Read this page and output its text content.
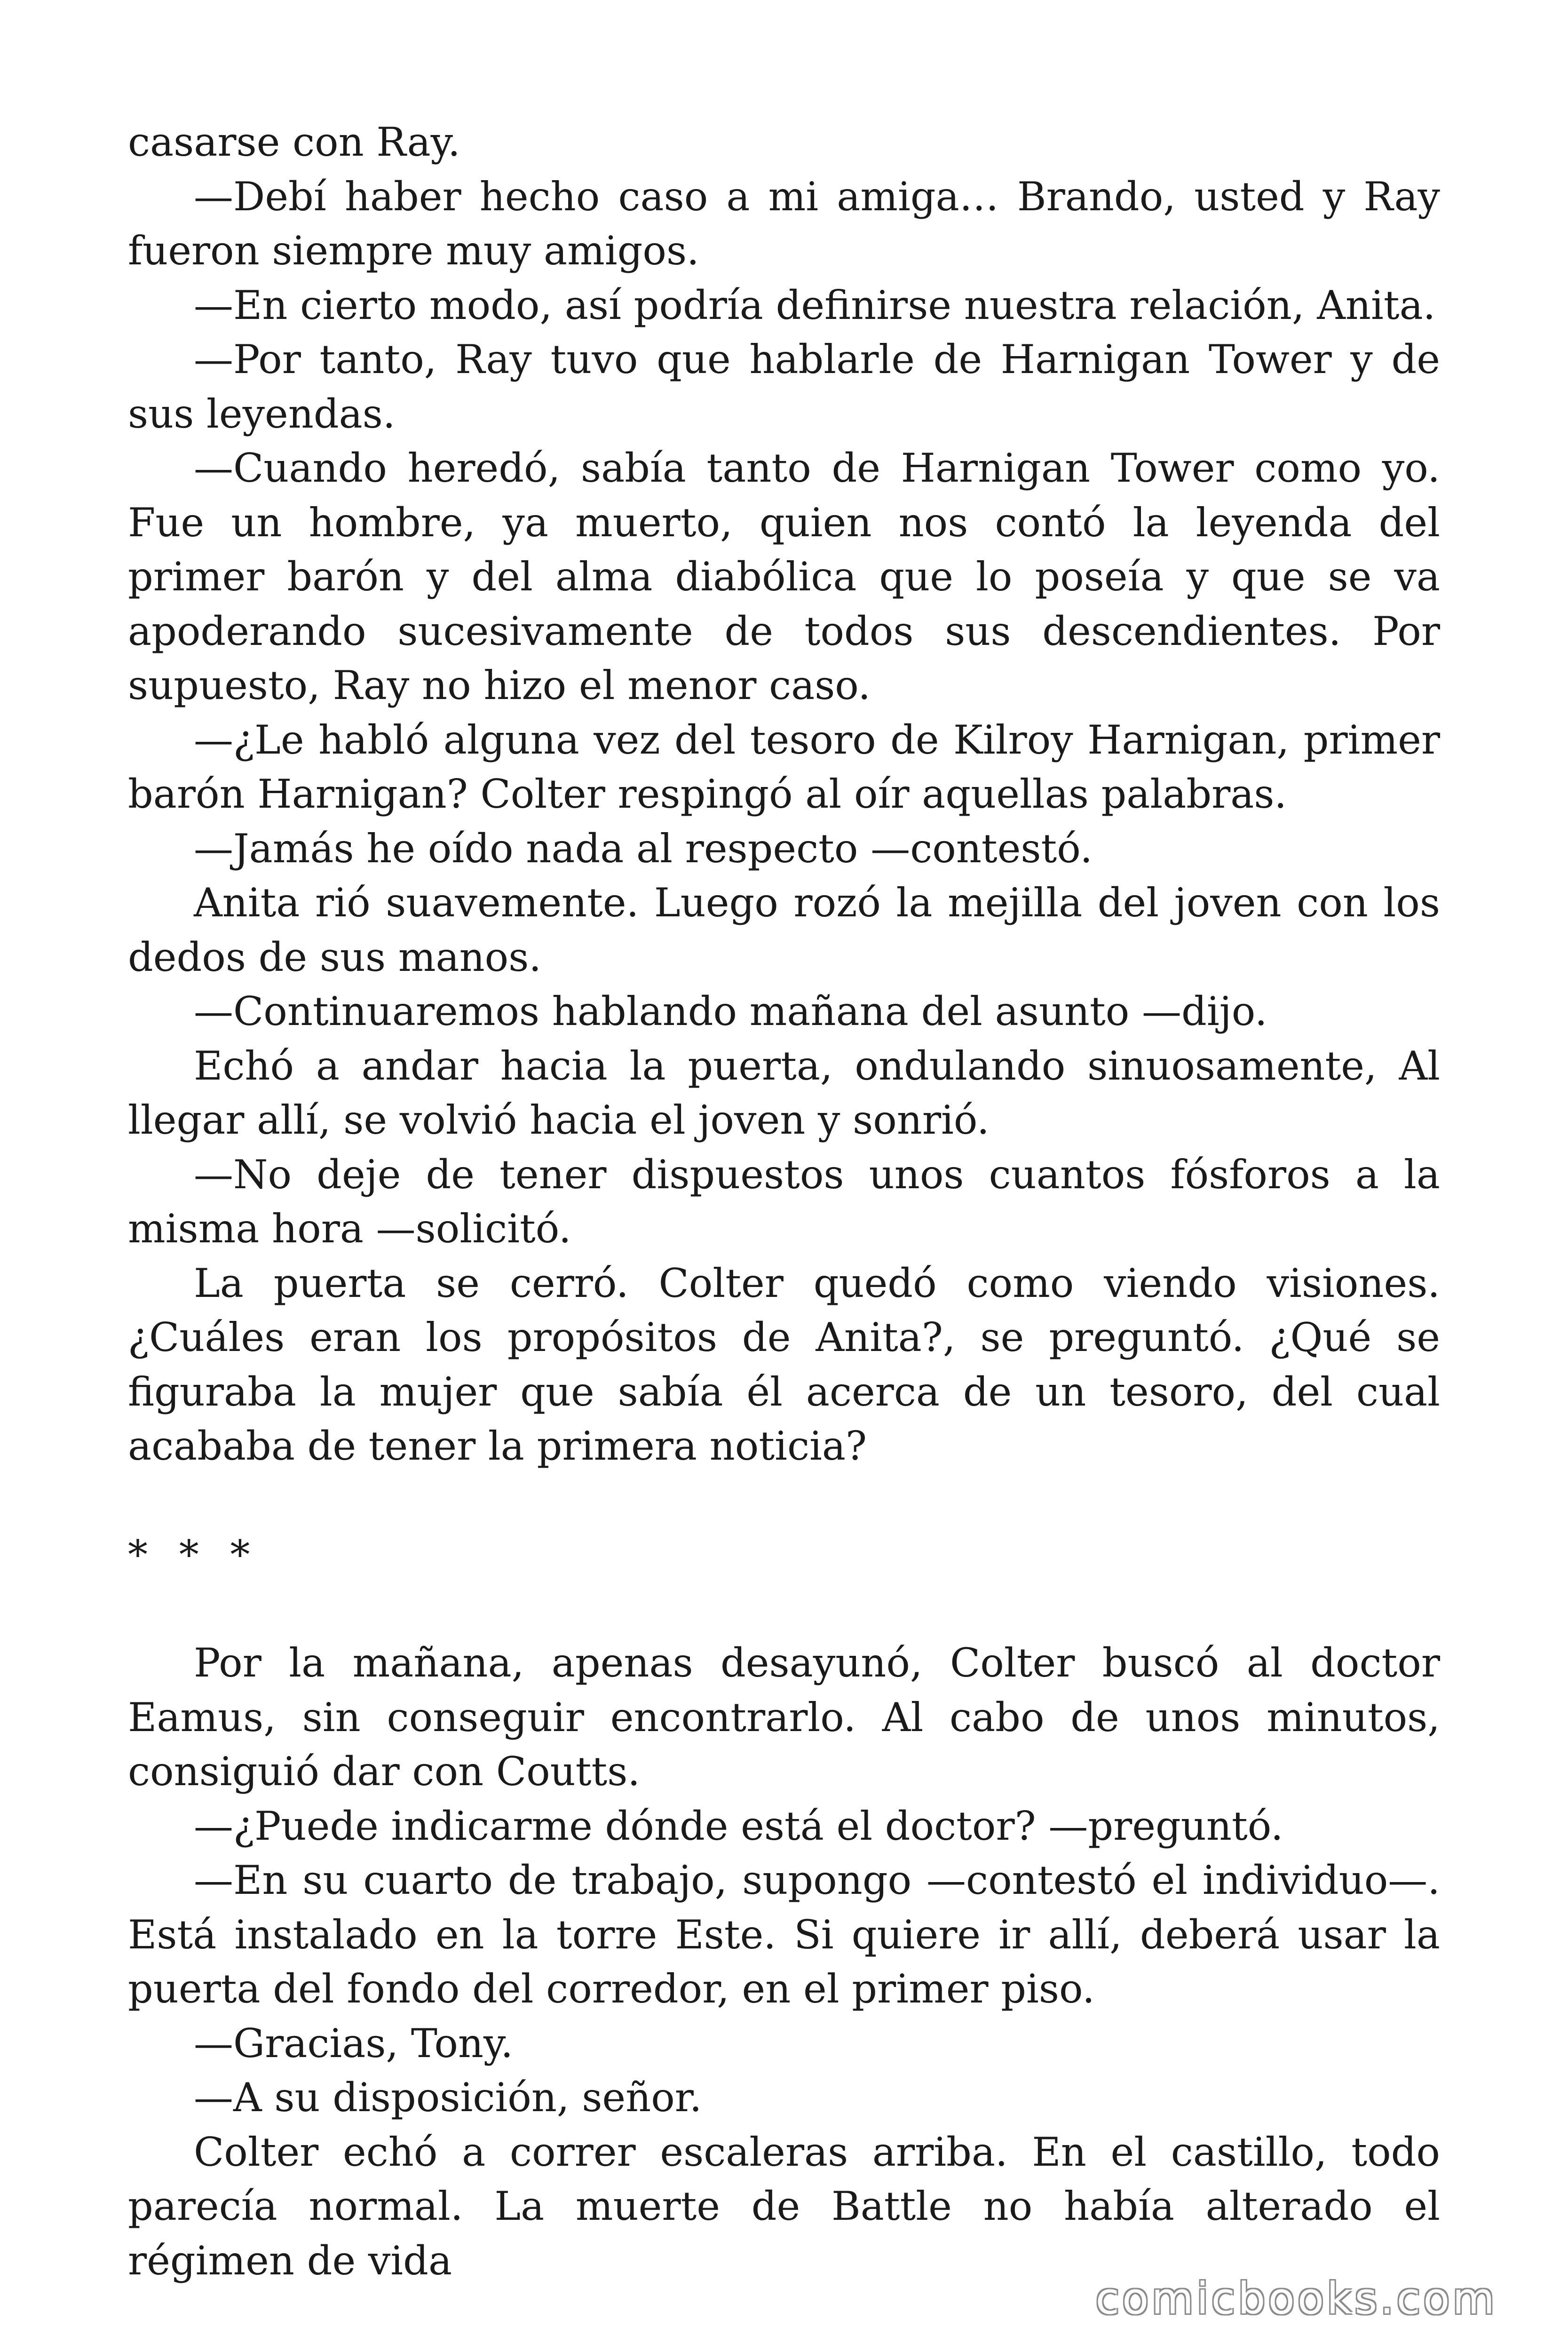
casarse con Ray.

—Debí haber hecho caso a mi amiga… Brando, usted y Ray fueron siempre muy amigos.

—En cierto modo, así podría definirse nuestra relación, Anita.

—Por tanto, Ray tuvo que hablarle de Harnigan Tower y de sus leyendas.

—Cuando heredó, sabía tanto de Harnigan Tower como yo. Fue un hombre, ya muerto, quien nos contó la leyenda del primer barón y del alma diabólica que lo poseía y que se va apoderando sucesivamente de todos sus descendientes. Por supuesto, Ray no hizo el menor caso.

—¿Le habló alguna vez del tesoro de Kilroy Harnigan, primer barón Harnigan? Colter respingó al oír aquellas palabras.

—Jamás he oído nada al respecto —contestó.

Anita rió suavemente. Luego rozó la mejilla del joven con los dedos de sus manos.

—Continuaremos hablando mañana del asunto —dijo.

Echó a andar hacia la puerta, ondulando sinuosamente, Al llegar allí, se volvió hacia el joven y sonrió.

—No deje de tener dispuestos unos cuantos fósforos a la misma hora —solicitó.

La puerta se cerró. Colter quedó como viendo visiones. ¿Cuáles eran los propósitos de Anita?, se preguntó. ¿Qué se figuraba la mujer que sabía él acerca de un tesoro, del cual acababa de tener la primera noticia?

* * *

Por la mañana, apenas desayunó, Colter buscó al doctor Eamus, sin conseguir encontrarlo. Al cabo de unos minutos, consiguió dar con Coutts.

—¿Puede indicarme dónde está el doctor? —preguntó.

—En su cuarto de trabajo, supongo —contestó el individuo—. Está instalado en la torre Este. Si quiere ir allí, deberá usar la puerta del fondo del corredor, en el primer piso.

—Gracias, Tony.

—A su disposición, señor.

Colter echó a correr escaleras arriba. En el castillo, todo parecía normal. La muerte de Battle no había alterado el régimen de vida

comicbooks.com
